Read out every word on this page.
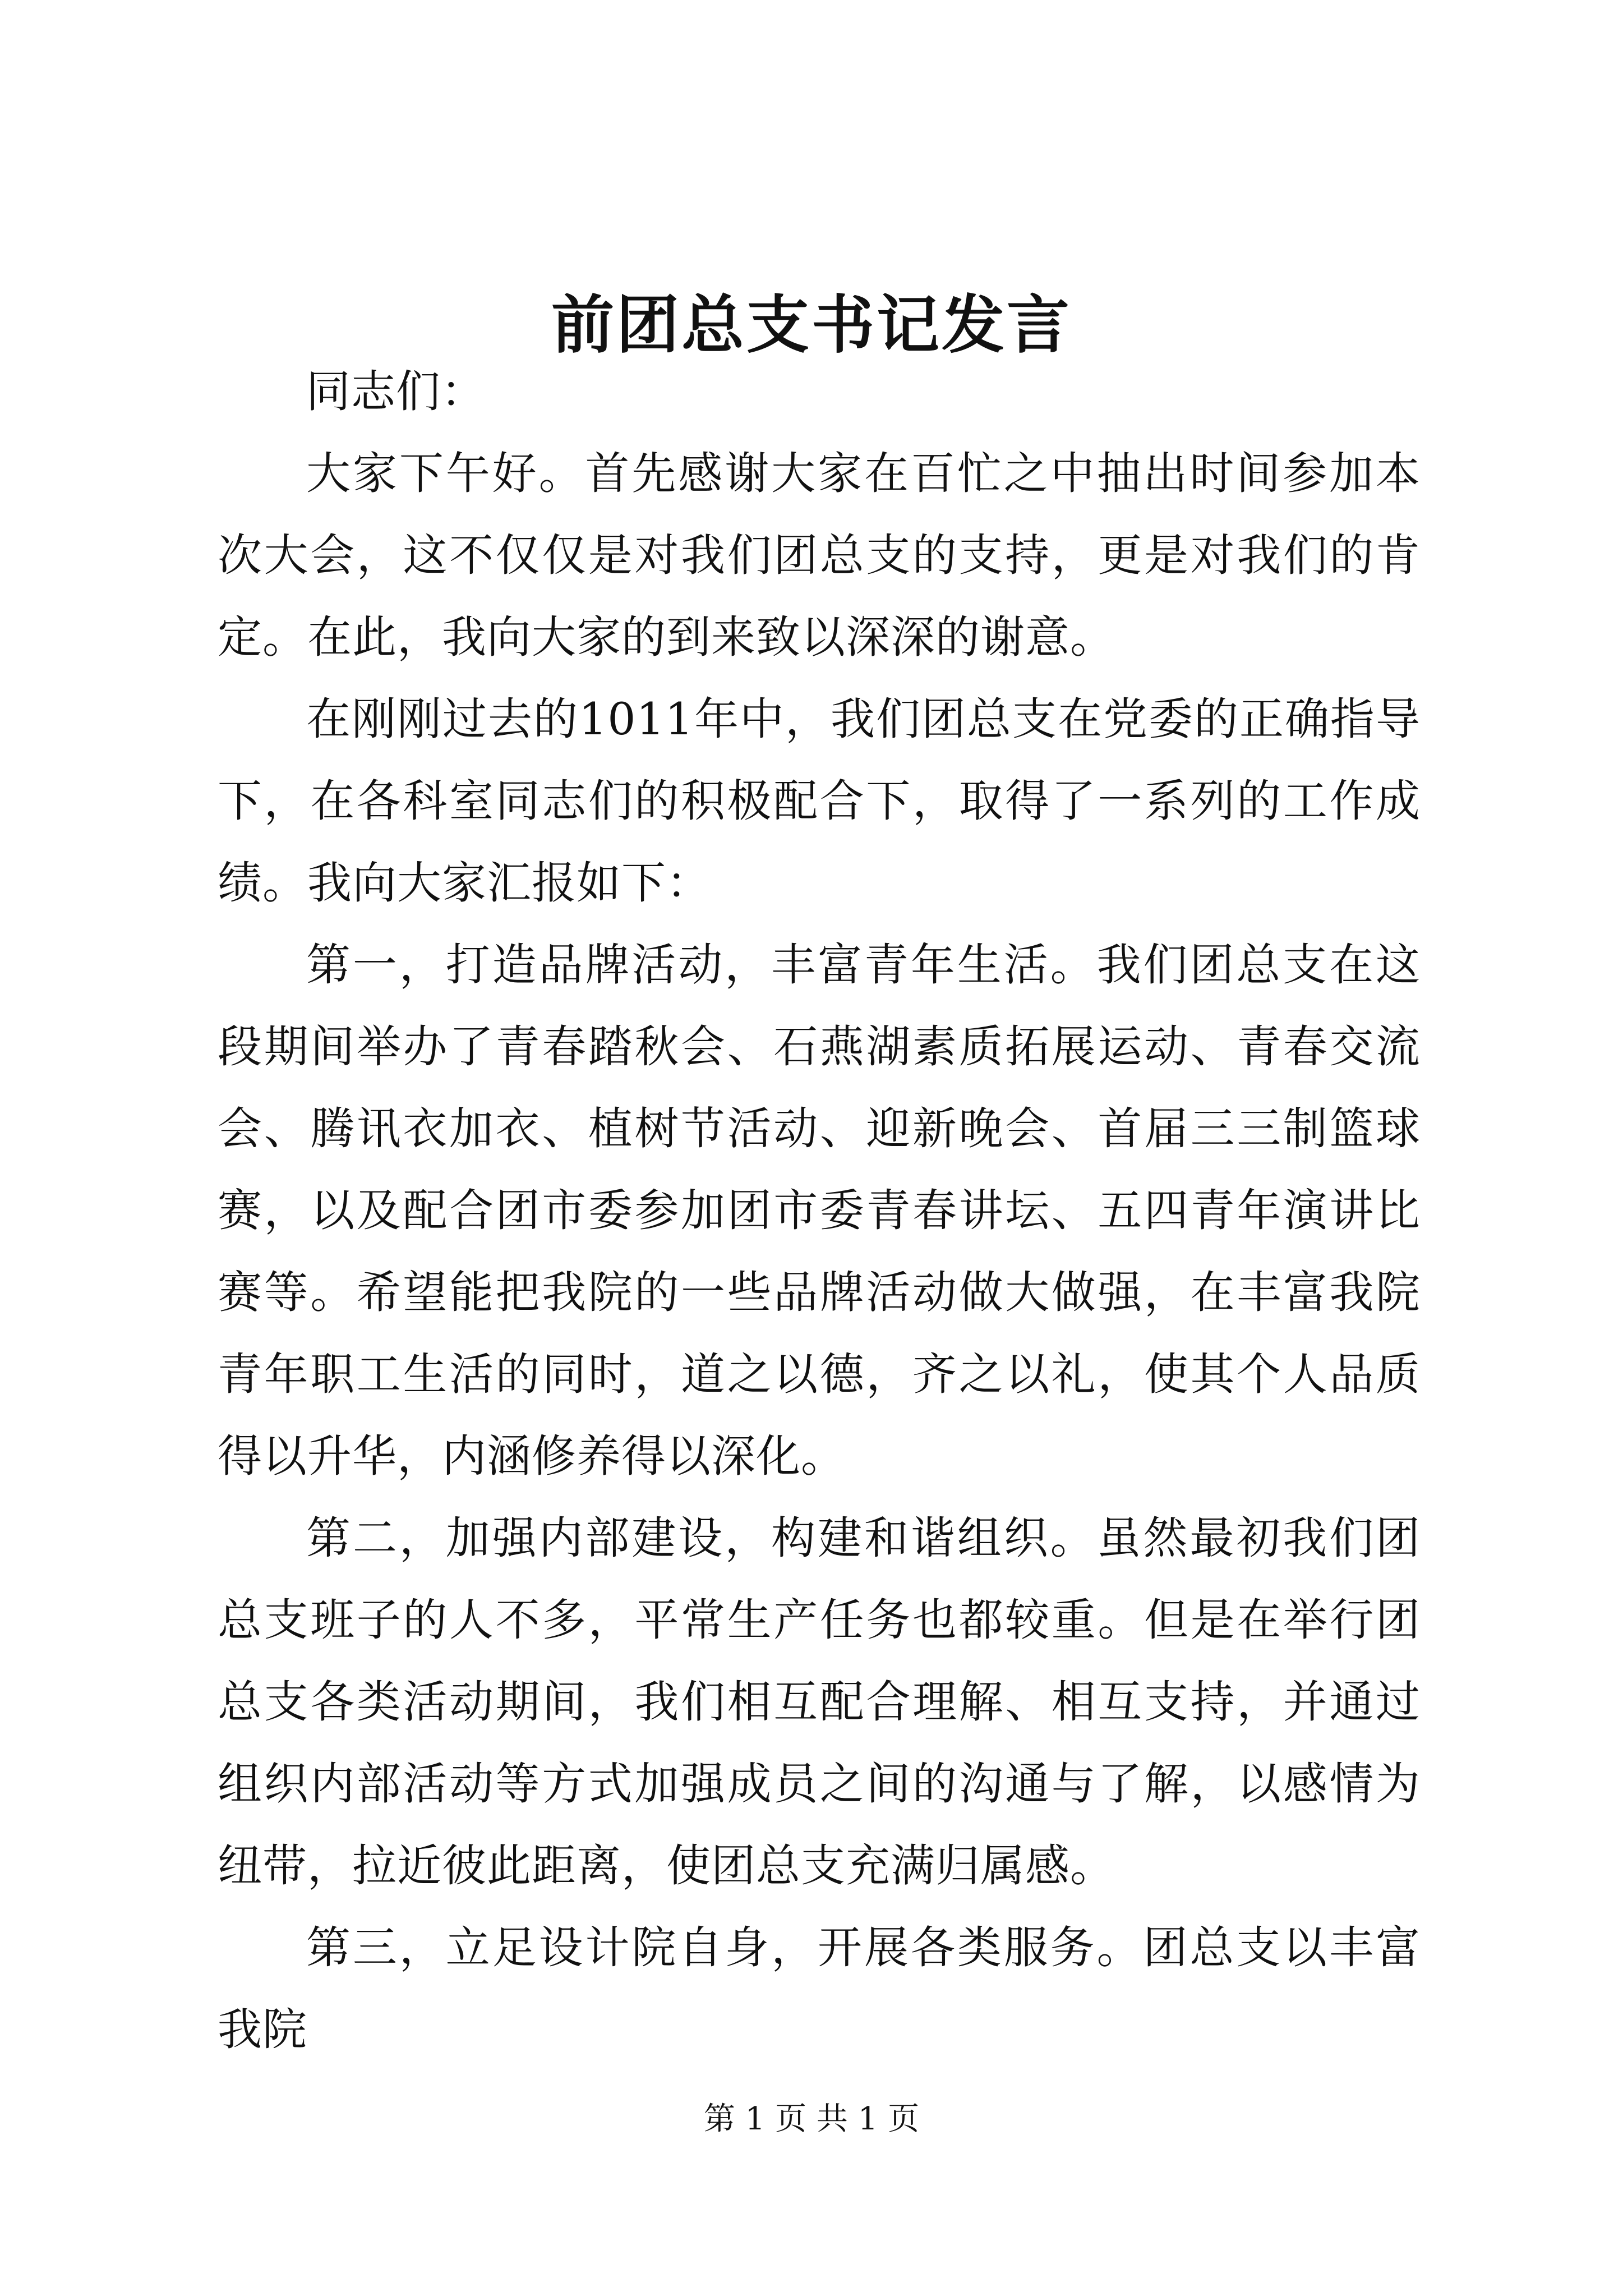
前团总支书记发言

同志们：

大家下午好。首先感谢大家在百忙之中抽出时间参加本次大会，这不仅仅是对我们团总支的支持，更是对我们的肯定。在此，我向大家的到来致以深深的谢意。

在刚刚过去的1011年中，我们团总支在党委的正确指导下，在各科室同志们的积极配合下，取得了一系列的工作成绩。我向大家汇报如下：

第一，打造品牌活动，丰富青年生活。我们团总支在这段期间举办了青春踏秋会、石燕湖素质拓展运动、青春交流会、腾讯衣加衣、植树节活动、迎新晚会、首届三三制篮球赛，以及配合团市委参加团市委青春讲坛、五四青年演讲比赛等。希望能把我院的一些品牌活动做大做强，在丰富我院青年职工生活的同时，道之以德，齐之以礼，使其个人品质得以升华，内涵修养得以深化。

第二，加强内部建设，构建和谐组织。虽然最初我们团总支班子的人不多，平常生产任务也都较重。但是在举行团总支各类活动期间，我们相互配合理解、相互支持，并通过组织内部活动等方式加强成员之间的沟通与了解，以感情为纽带，拉近彼此距离，使团总支充满归属感。

第三，立足设计院自身，开展各类服务。团总支以丰富我院

第 1 页 共 1 页
